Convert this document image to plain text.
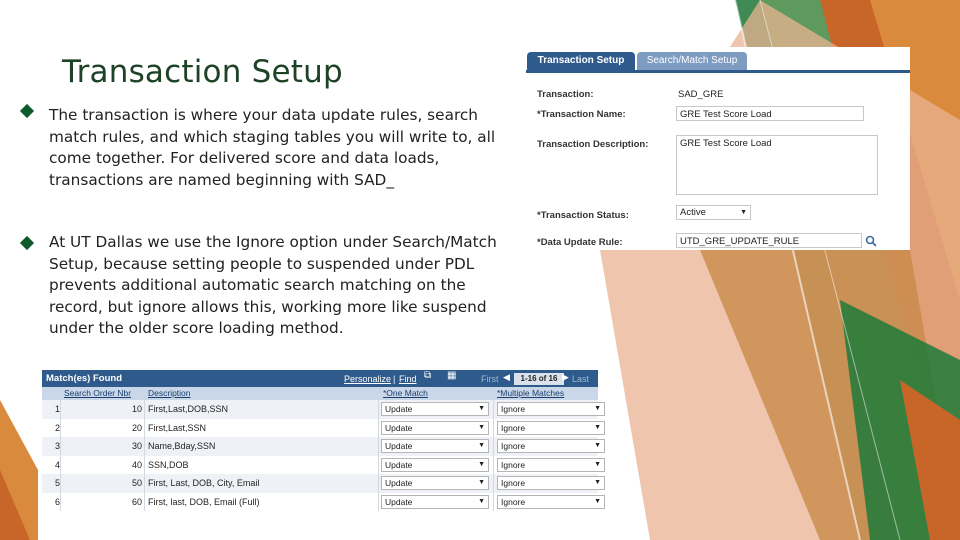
Transaction Setup
The transaction is where your data update rules, search match rules, and which staging tables you will write to, all come together. For delivered score and data loads, transactions are named beginning with SAD_
At UT Dallas we use the Ignore option under Search/Match Setup, because setting people to suspended under PDL prevents additional automatic search matching on the record, but ignore allows this, working more like suspend under the older score loading method.
Transaction Setup	Search/Match Setup
Transaction:	SAD_GRE
*Transaction Name:	GRE Test Score Load
Transaction Description:	GRE Test Score Load
*Transaction Status:	Active	▼
*Data Update Rule:	UTD_GRE_UPDATE_RULE
Match(es) Found	Personalize | Find ⧉ ▦	First ◀	1-16 of 16 ▶ Last
Search Order Nbr Description	*One Match	*Multiple Matches
1	10 First,Last,DOB,SSN	Update	▼	Ignore	▼
2	20 First,Last,SSN	Update	▼	Ignore	▼
3	30 Name,Bday,SSN	Update	▼	Ignore	▼
4	40 SSN,DOB	Update	▼	Ignore	▼
5	50 First, Last, DOB, City, Email	Update	▼	Ignore	▼
6	60 First, last, DOB, Email (Full)	Update	▼	Ignore	▼
